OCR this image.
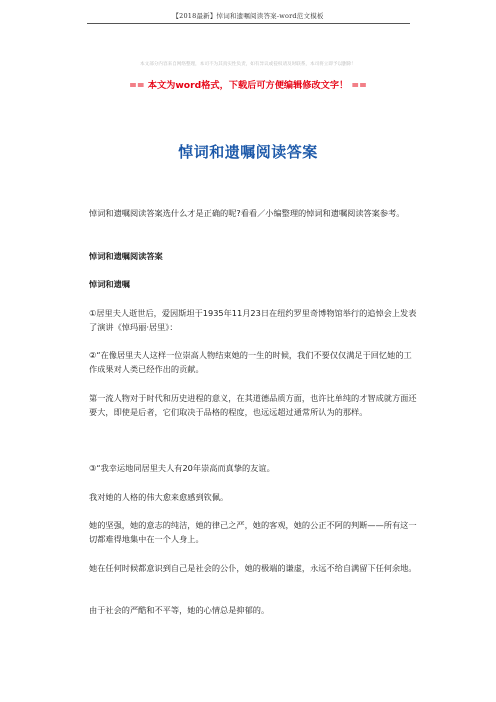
【2018最新】悼词和遗嘱阅读答案-word范文模板
本文部分内容来自网络整理，本司不为其真实性负责，如有异议或侵权请及时联系，本司将立即予以删除！
== 本文为word格式，下载后可方便编辑修改文字！ ==
悼词和遗嘱阅读答案

悼词和遗嘱阅读答案选什么才是正确的呢?看看／小编整理的悼词和遗嘱阅读答案参考。

悼词和遗嘱阅读答案

悼词和遗嘱

①居里夫人逝世后，爱因斯坦于1935年11月23日在纽约罗里奇博物馆举行的追悼会上发表了演讲《悼玛丽·居里》：

②“在像居里夫人这样一位崇高人物结束她的一生的时候，我们不要仅仅满足于回忆她的工作成果对人类已经作出的贡献。

第一流人物对于时代和历史进程的意义，在其道德品质方面，也许比单纯的才智成就方面还要大，即使是后者，它们取决于品格的程度，也远远超过通常所认为的那样。

③“我幸运地同居里夫人有20年崇高而真挚的友谊。

我对她的人格的伟大愈来愈感到钦佩。

她的坚强，她的意志的纯洁，她的律己之严，她的客观，她的公正不阿的判断——所有这一切都难得地集中在一个人身上。

她在任何时候都意识到自己是社会的公仆，她的极端的谦虚，永远不给自满留下任何余地。

由于社会的严酷和不平等，她的心情总是抑郁的。
